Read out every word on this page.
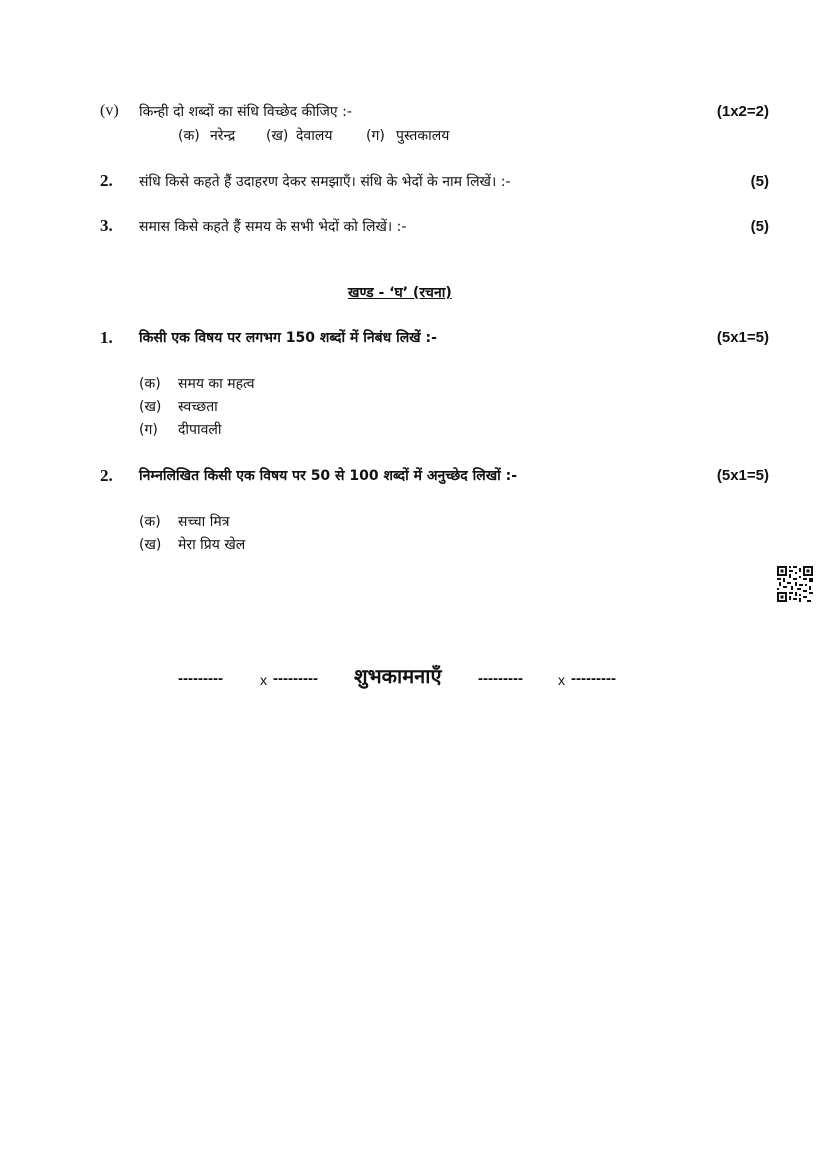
(v) किन्ही दो शब्दों का संधि विच्छेद कीजिए :-	(1x2=2)
(क) नरेन्द्र (ख) देवालय (ग) पुस्तकालय
2. संधि किसे कहते हैं उदाहरण देकर समझाएँ। संधि के भेदों के नाम लिखें। :-	(5)
3. समास किसे कहते हैं समय के सभी भेदों को लिखें। :-	(5)
खण्ड - ‘घ’ (रचना)
1. किसी एक विषय पर लगभग 150 शब्दों में निबंध लिखें :-	(5x1=5)
(क) समय का महत्व
(ख) स्वच्छता
(ग) दीपावली
2. निम्नलिखित किसी एक विषय पर 50 से 100 शब्दों में अनुच्छेद लिखों :-	(5x1=5)
(क) सच्चा मित्र
(ख) मेरा प्रिय खेल
---------	x --------- शुभकामनाएँ ---------	x ---------
